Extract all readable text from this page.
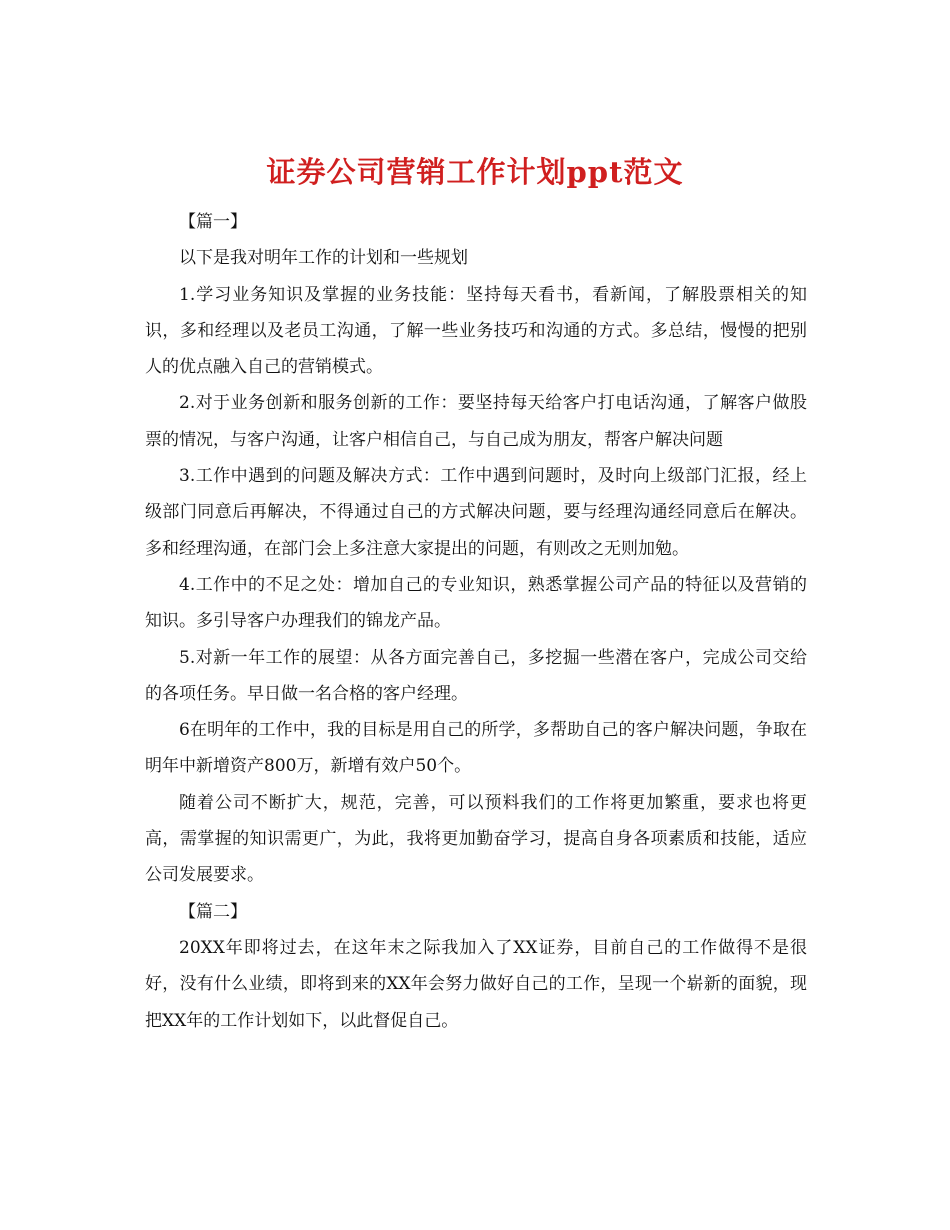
证券公司营销工作计划ppt范文

【篇一】

以下是我对明年工作的计划和一些规划

1.学习业务知识及掌握的业务技能：坚持每天看书，看新闻，了解股票相关的知识，多和经理以及老员工沟通，了解一些业务技巧和沟通的方式。多总结，慢慢的把别人的优点融入自己的营销模式。

2.对于业务创新和服务创新的工作：要坚持每天给客户打电话沟通，了解客户做股票的情况，与客户沟通，让客户相信自己，与自己成为朋友，帮客户解决问题

3.工作中遇到的问题及解决方式：工作中遇到问题时，及时向上级部门汇报，经上级部门同意后再解决，不得通过自己的方式解决问题，要与经理沟通经同意后在解决。多和经理沟通，在部门会上多注意大家提出的问题，有则改之无则加勉。

4.工作中的不足之处：增加自己的专业知识，熟悉掌握公司产品的特征以及营销的知识。多引导客户办理我们的锦龙产品。

5.对新一年工作的展望：从各方面完善自己，多挖掘一些潜在客户，完成公司交给的各项任务。早日做一名合格的客户经理。

6在明年的工作中，我的目标是用自己的所学，多帮助自己的客户解决问题，争取在明年中新增资产800万，新增有效户50个。

随着公司不断扩大，规范，完善，可以预料我们的工作将更加繁重，要求也将更高，需掌握的知识需更广，为此，我将更加勤奋学习，提高自身各项素质和技能，适应公司发展要求。

【篇二】

20XX年即将过去，在这年末之际我加入了XX证券，目前自己的工作做得不是很好，没有什么业绩，即将到来的XX年会努力做好自己的工作，呈现一个崭新的面貌，现把XX年的工作计划如下，以此督促自己。
